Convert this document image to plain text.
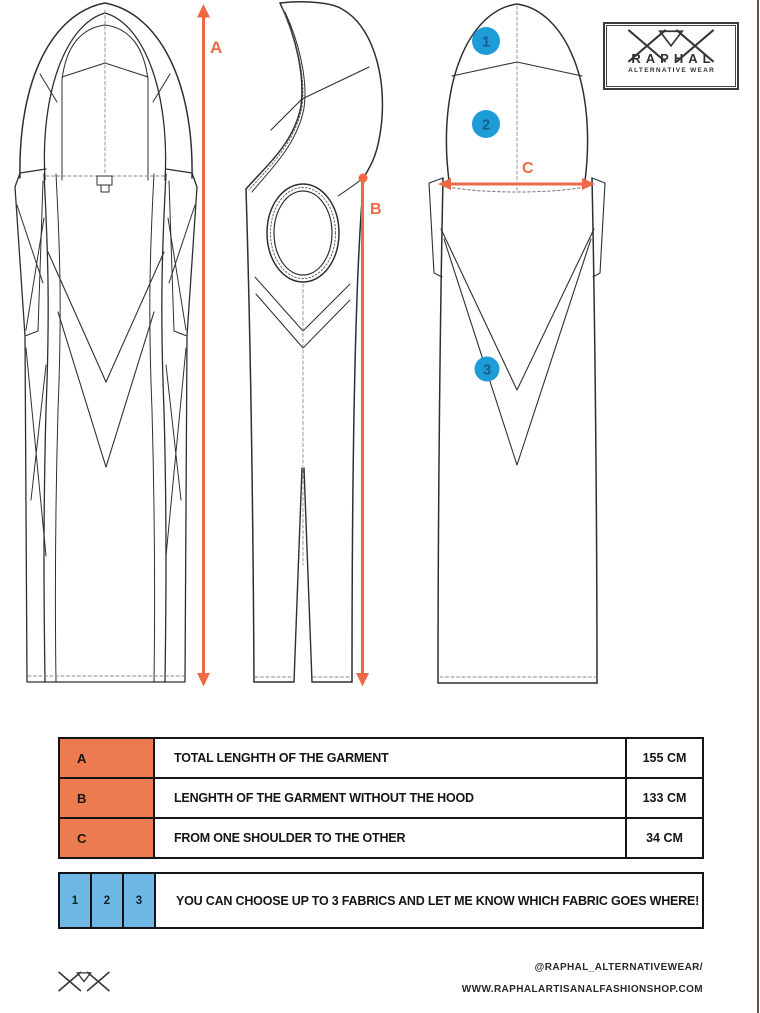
A
B
C
1
2
3
RAPHAL
ALTERNATIVE WEAR
A	TOTAL LENGHTH OF THE GARMENT	155 CM
B	LENGHTH OF THE GARMENT WITHOUT THE HOOD	133 CM
C	FROM ONE SHOULDER TO THE OTHER	34 CM
1	2	3	YOU CAN CHOOSE UP TO 3 FABRICS AND LET ME KNOW WHICH FABRIC GOES WHERE!
@RAPHAL_ALTERNATIVEWEAR/
WWW.RAPHALARTISANALFASHIONSHOP.COM
